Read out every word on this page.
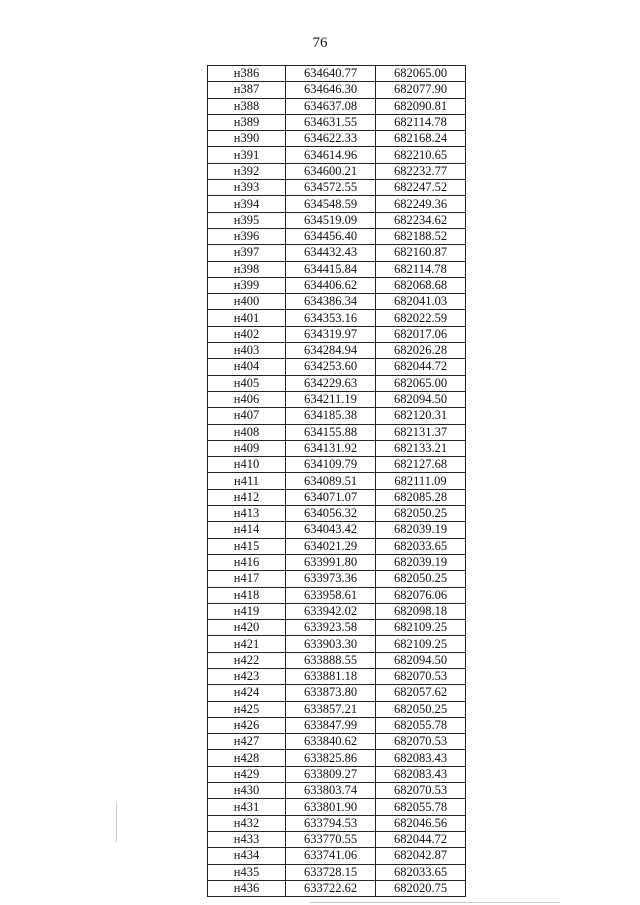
76
н386	634640.77	682065.00
н387	634646.30	682077.90
н388	634637.08	682090.81
н389	634631.55	682114.78
н390	634622.33	682168.24
н391	634614.96	682210.65
н392	634600.21	682232.77
н393	634572.55	682247.52
н394	634548.59	682249.36
н395	634519.09	682234.62
н396	634456.40	682188.52
н397	634432.43	682160.87
н398	634415.84	682114.78
н399	634406.62	682068.68
н400	634386.34	682041.03
н401	634353.16	682022.59
н402	634319.97	682017.06
н403	634284.94	682026.28
н404	634253.60	682044.72
н405	634229.63	682065.00
н406	634211.19	682094.50
н407	634185.38	682120.31
н408	634155.88	682131.37
н409	634131.92	682133.21
н410	634109.79	682127.68
н411	634089.51	682111.09
н412	634071.07	682085.28
н413	634056.32	682050.25
н414	634043.42	682039.19
н415	634021.29	682033.65
н416	633991.80	682039.19
н417	633973.36	682050.25
н418	633958.61	682076.06
н419	633942.02	682098.18
н420	633923.58	682109.25
н421	633903.30	682109.25
н422	633888.55	682094.50
н423	633881.18	682070.53
н424	633873.80	682057.62
н425	633857.21	682050.25
н426	633847.99	682055.78
н427	633840.62	682070.53
н428	633825.86	682083.43
н429	633809.27	682083.43
н430	633803.74	682070.53
н431	633801.90	682055.78
н432	633794.53	682046.56
н433	633770.55	682044.72
н434	633741.06	682042.87
н435	633728.15	682033.65
н436	633722.62	682020.75
